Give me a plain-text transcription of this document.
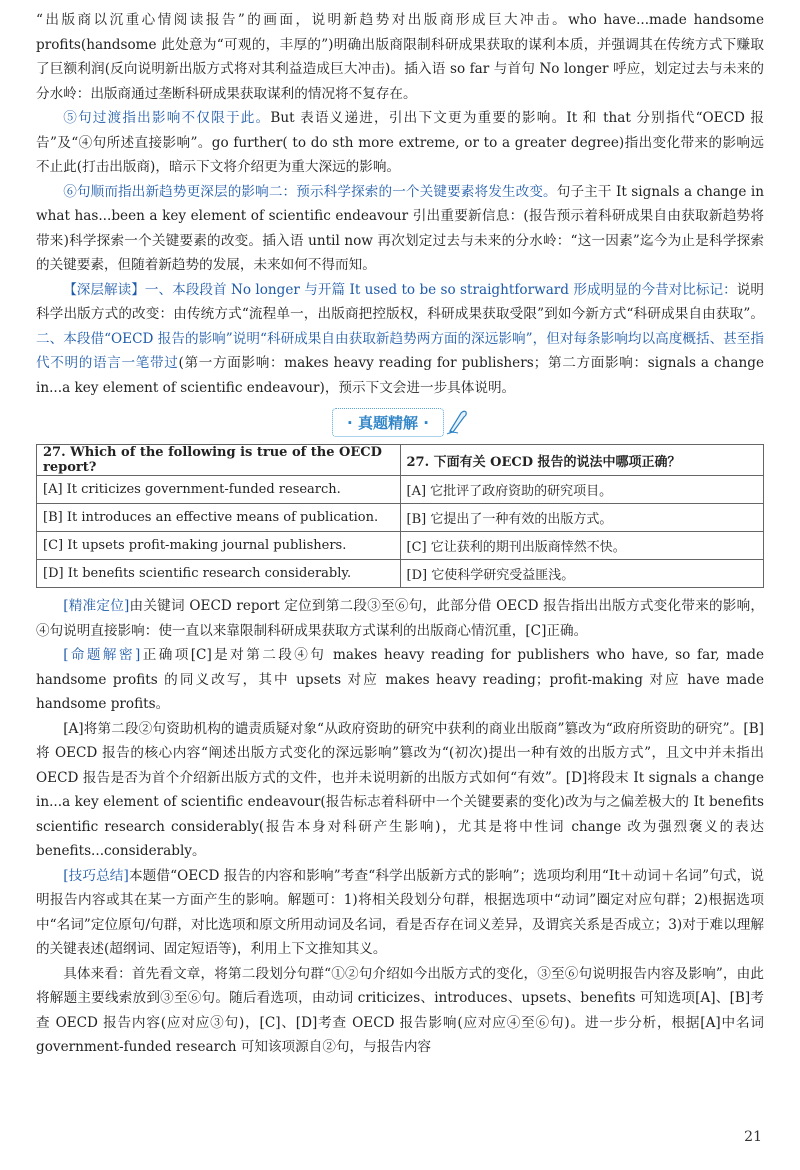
“出版商以沉重心情阅读报告”的画面，说明新趋势对出版商形成巨大冲击。who have...made handsome profits(handsome 此处意为“可观的，丰厚的”)明确出版商限制科研成果获取的谋利本质，并强调其在传统方式下赚取了巨额利润(反向说明新出版方式将对其利益造成巨大冲击)。插入语 so far 与首句 No longer 呼应，划定过去与未来的分水岭：出版商通过垄断科研成果获取谋利的情况将不复存在。

⑤句过渡指出影响不仅限于此。But 表语义递进，引出下文更为重要的影响。It 和 that 分别指代“OECD 报告”及“④句所述直接影响”。go further( to do sth more extreme, or to a greater degree)指出变化带来的影响远不止此(打击出版商)，暗示下文将介绍更为重大深远的影响。

⑥句顺而指出新趋势更深层的影响二：预示科学探索的一个关键要素将发生改变。句子主干 It signals a change in what has...been a key element of scientific endeavour 引出重要新信息：(报告预示着科研成果自由获取新趋势将带来)科学探索一个关键要素的改变。插入语 until now 再次划定过去与未来的分水岭：“这一因素”迄今为止是科学探索的关键要素，但随着新趋势的发展，未来如何不得而知。

【深层解读】一、本段段首 No longer 与开篇 It used to be so straightforward 形成明显的今昔对比标记：说明科学出版方式的改变：由传统方式“流程单一，出版商把控版权，科研成果获取受限”到如今新方式“科研成果自由获取”。二、本段借“OECD 报告的影响”说明“科研成果自由获取新趋势两方面的深远影响”，但对每条影响均以高度概括、甚至指代不明的语言一笔带过(第一方面影响：makes heavy reading for publishers；第二方面影响：signals a change in...a key element of scientific endeavour)，预示下文会进一步具体说明。

· 真题精解 ·
27. Which of the following is true of the OECD report?	27. 下面有关 OECD 报告的说法中哪项正确？
[A] It criticizes government-funded research.	[A] 它批评了政府资助的研究项目。
[B] It introduces an effective means of publication.	[B] 它提出了一种有效的出版方式。
[C] It upsets profit-making journal publishers.	[C] 它让获利的期刊出版商悻然不快。
[D] It benefits scientific research considerably.	[D] 它使科学研究受益匪浅。

[精准定位]由关键词 OECD report 定位到第二段③至⑥句，此部分借 OECD 报告指出出版方式变化带来的影响，④句说明直接影响：使一直以来靠限制科研成果获取方式谋利的出版商心情沉重，[C]正确。

[命题解密]正确项[C]是对第二段④句 makes heavy reading for publishers who have, so far, made handsome profits 的同义改写，其中 upsets 对应 makes heavy reading；profit-making 对应 have made handsome profits。

[A]将第二段②句资助机构的谴责质疑对象“从政府资助的研究中获利的商业出版商”篡改为“政府所资助的研究”。[B]将 OECD 报告的核心内容“阐述出版方式变化的深远影响”篡改为“(初次)提出一种有效的出版方式”，且文中并未指出 OECD 报告是否为首个介绍新出版方式的文件，也并未说明新的出版方式如何“有效”。[D]将段末 It signals a change in...a key element of scientific endeavour(报告标志着科研中一个关键要素的变化)改为与之偏差极大的 It benefits scientific research considerably(报告本身对科研产生影响)，尤其是将中性词 change 改为强烈褒义的表达 benefits...considerably。

[技巧总结]本题借“OECD 报告的内容和影响”考查“科学出版新方式的影响”；选项均利用“It＋动词＋名词”句式，说明报告内容或其在某一方面产生的影响。解题可：1)将相关段划分句群，根据选项中“动词”圈定对应句群；2)根据选项中“名词”定位原句/句群，对比选项和原文所用动词及名词，看是否存在词义差异，及谓宾关系是否成立；3)对于难以理解的关键表述(超纲词、固定短语等)，利用上下文推知其义。

具体来看：首先看文章，将第二段划分句群“①②句介绍如今出版方式的变化，③至⑥句说明报告内容及影响”，由此将解题主要线索放到③至⑥句。随后看选项，由动词 criticizes、introduces、upsets、benefits 可知选项[A]、[B]考查 OECD 报告内容(应对应③句)，[C]、[D]考查 OECD 报告影响(应对应④至⑥句)。进一步分析，根据[A]中名词 government-funded research 可知该项源自②句，与报告内容

21
